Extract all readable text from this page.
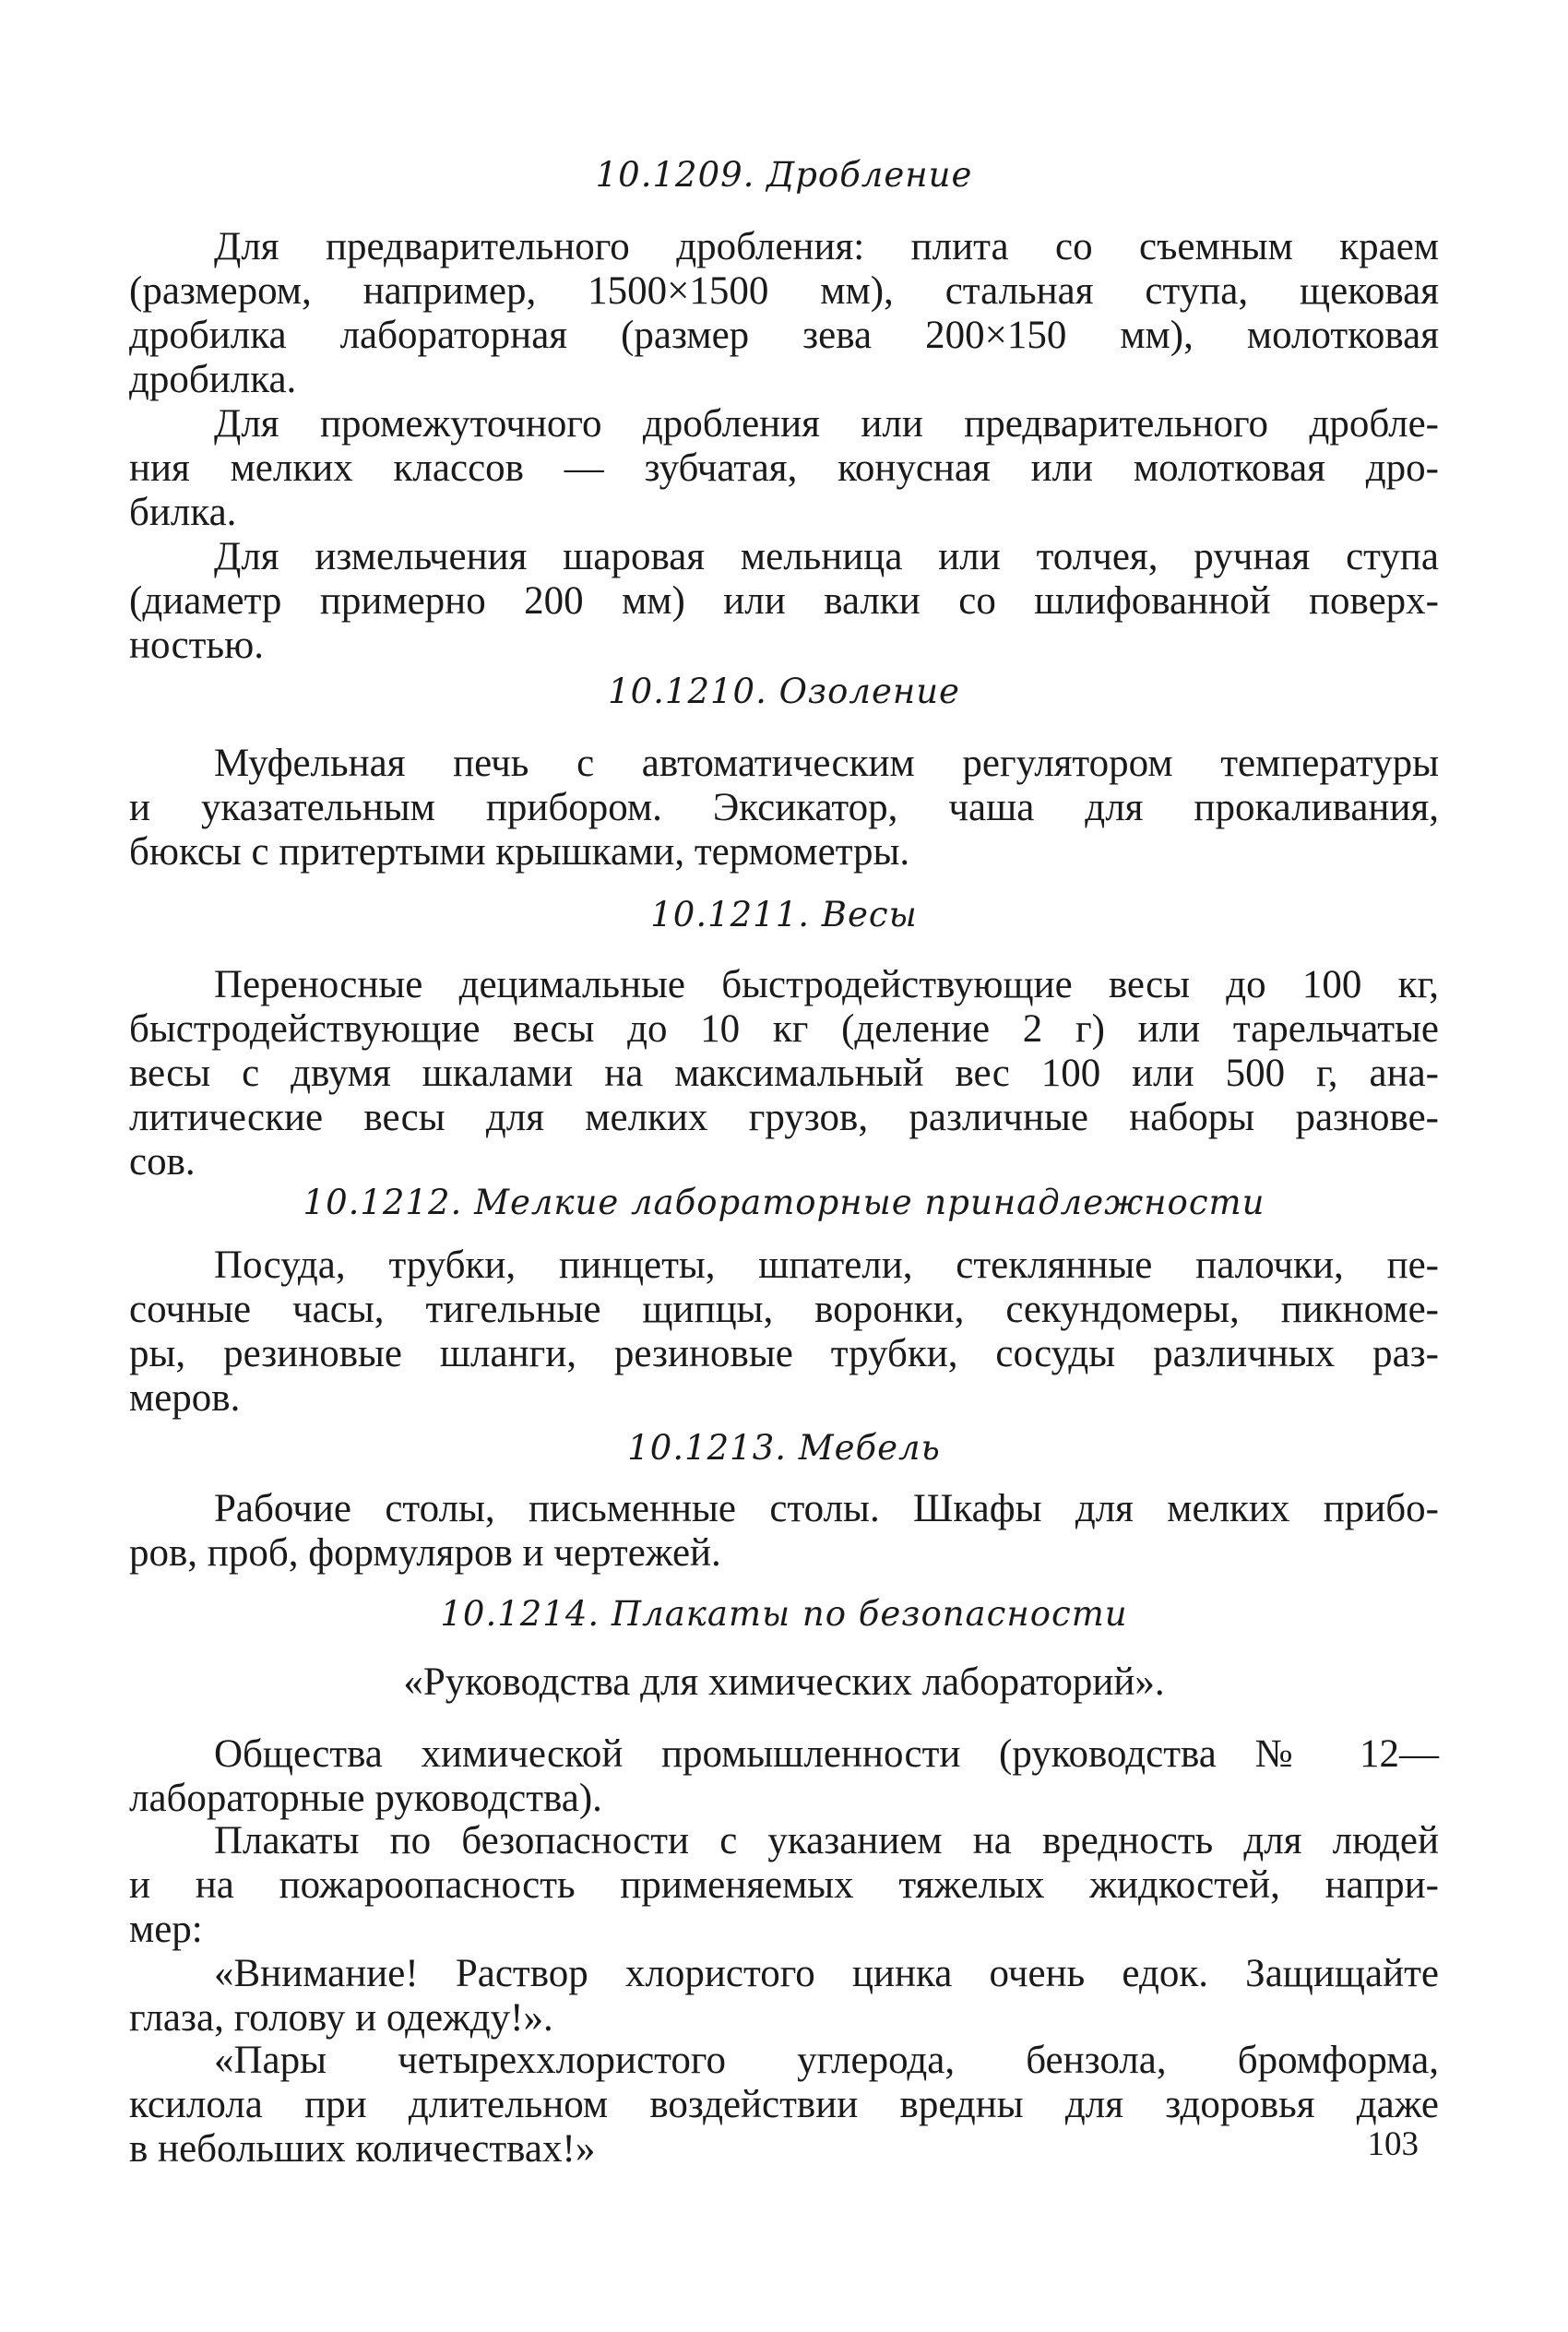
10.1209. Дробление
Для предварительного дробления: плита со съемным краем
(размером, например, 1500×1500 мм), стальная ступа, щековая
дробилка лабораторная (размер зева 200×150 мм), молотковая
дробилка.
Для промежуточного дробления или предварительного дробле-
ния мелких классов — зубчатая, конусная или молотковая дро-
билка.
Для измельчения шаровая мельница или толчея, ручная ступа
(диаметр примерно 200 мм) или валки со шлифованной поверх-
ностью.
10.1210. Озоление
Муфельная печь с автоматическим регулятором температуры
и указательным прибором. Эксикатор, чаша для прокаливания,
бюксы с притертыми крышками, термометры.
10.1211. Весы
Переносные децимальные быстродействующие весы до 100 кг,
быстродействующие весы до 10 кг (деление 2 г) или тарельчатые
весы с двумя шкалами на максимальный вес 100 или 500 г, ана-
литические весы для мелких грузов, различные наборы разнове-
сов.
10.1212. Мелкие лабораторные принадлежности
Посуда, трубки, пинцеты, шпатели, стеклянные палочки, пе-
сочные часы, тигельные щипцы, воронки, секундомеры, пикноме-
ры, резиновые шланги, резиновые трубки, сосуды различных раз-
меров.
10.1213. Мебель
Рабочие столы, письменные столы. Шкафы для мелких прибо-
ров, проб, формуляров и чертежей.
10.1214. Плакаты по безопасности
«Руководства для химических лабораторий».
Общества химической промышленности (руководства № 12—
лабораторные руководства).
Плакаты по безопасности с указанием на вредность для людей
и на пожароопасность применяемых тяжелых жидкостей, напри-
мер:
«Внимание! Раствор хлористого цинка очень едок. Защищайте
глаза, голову и одежду!».
«Пары четыреххлористого углерода, бензола, бромформа,
ксилола при длительном воздействии вредны для здоровья даже
в небольших количествах!»	103
